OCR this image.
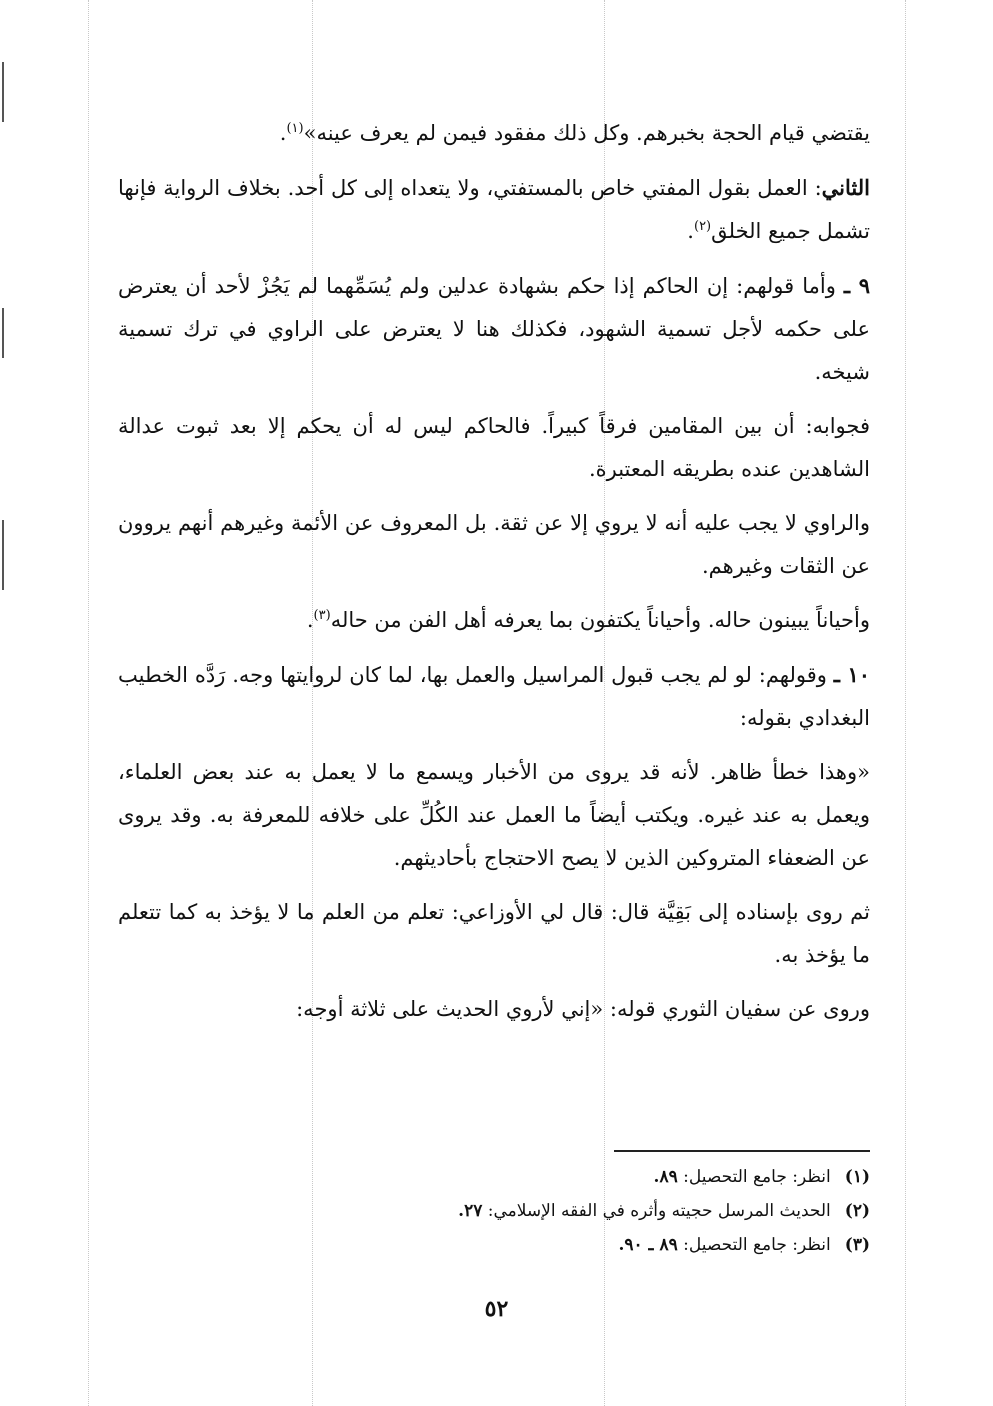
يقتضي قيام الحجة بخبرهم. وكل ذلك مفقود فيمن لم يعرف عينه»$^{(١)}$.

الثاني: العمل بقول المفتي خاص بالمستفتي، ولا يتعداه إلى كل أحد. بخلاف الرواية فإنها تشمل جميع الخلق$^{(٢)}$.

٩ ـ وأما قولهم: إن الحاكم إذا حكم بشهادة عدلين ولم يُسَمِّهما لم يَجُزْ لأحد أن يعترض على حكمه لأجل تسمية الشهود، فكذلك هنا لا يعترض على الراوي في ترك تسمية شيخه.

فجوابه: أن بين المقامين فرقاً كبيراً. فالحاكم ليس له أن يحكم إلا بعد ثبوت عدالة الشاهدين عنده بطريقه المعتبرة.

والراوي لا يجب عليه أنه لا يروي إلا عن ثقة. بل المعروف عن الأئمة وغيرهم أنهم يروون عن الثقات وغيرهم.

وأحياناً يبينون حاله. وأحياناً يكتفون بما يعرفه أهل الفن من حاله$^{(٣)}$.

١٠ ـ وقولهم: لو لم يجب قبول المراسيل والعمل بها، لما كان لروايتها وجه. رَدَّه الخطيب البغدادي بقوله:

«وهذا خطأ ظاهر. لأنه قد يروى من الأخبار ويسمع ما لا يعمل به عند بعض العلماء، ويعمل به عند غيره. ويكتب أيضاً ما العمل عند الكُلِّ على خلافه للمعرفة به. وقد يروى عن الضعفاء المتروكين الذين لا يصح الاحتجاج بأحاديثهم.

ثم روى بإسناده إلى بَقِيَّة قال: قال لي الأوزاعي: تعلم من العلم ما لا يؤخذ به كما تتعلم ما يؤخذ به.

وروى عن سفيان الثوري قوله: «إني لأروي الحديث على ثلاثة أوجه:

(١)انظر: جامع التحصيل: ٨٩.
(٢)الحديث المرسل حجيته وأثره في الفقه الإسلامي: ٢٧.
(٣)انظر: جامع التحصيل: ٨٩ ـ ٩٠.
٥٢
